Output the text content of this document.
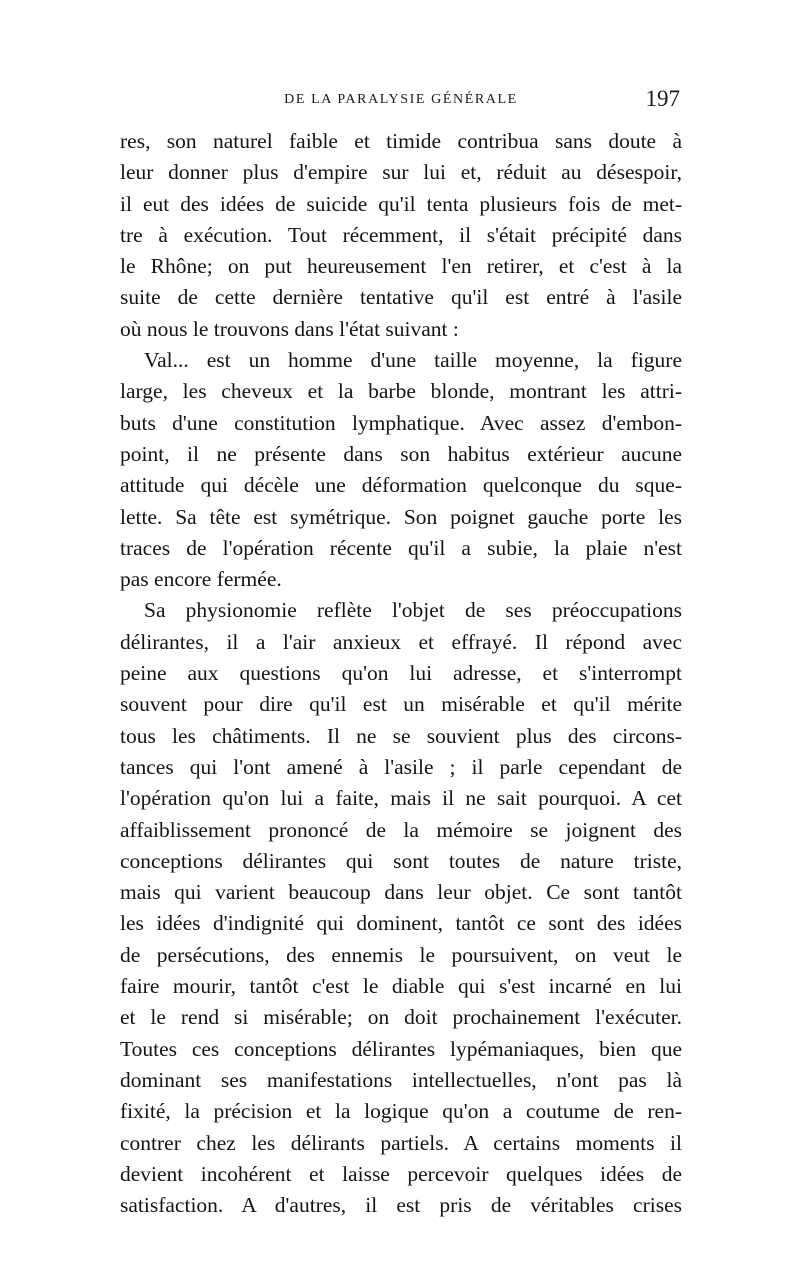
DE LA PARALYSIE GÉNÉRALE	197
res, son naturel faible et timide contribua sans doute à
leur donner plus d'empire sur lui et, réduit au désespoir,
il eut des idées de suicide qu'il tenta plusieurs fois de met-
tre à exécution. Tout récemment, il s'était précipité dans
le Rhône; on put heureusement l'en retirer, et c'est à la
suite de cette dernière tentative qu'il est entré à l'asile
où nous le trouvons dans l'état suivant :
Val... est un homme d'une taille moyenne, la figure
large, les cheveux et la barbe blonde, montrant les attri-
buts d'une constitution lymphatique. Avec assez d'embon-
point, il ne présente dans son habitus extérieur aucune
attitude qui décèle une déformation quelconque du sque-
lette. Sa tête est symétrique. Son poignet gauche porte les
traces de l'opération récente qu'il a subie, la plaie n'est
pas encore fermée.
Sa physionomie reflète l'objet de ses préoccupations
délirantes, il a l'air anxieux et effrayé. Il répond avec
peine aux questions qu'on lui adresse, et s'interrompt
souvent pour dire qu'il est un misérable et qu'il mérite
tous les châtiments. Il ne se souvient plus des circons-
tances qui l'ont amené à l'asile ; il parle cependant de
l'opération qu'on lui a faite, mais il ne sait pourquoi. A cet
affaiblissement prononcé de la mémoire se joignent des
conceptions délirantes qui sont toutes de nature triste,
mais qui varient beaucoup dans leur objet. Ce sont tantôt
les idées d'indignité qui dominent, tantôt ce sont des idées
de persécutions, des ennemis le poursuivent, on veut le
faire mourir, tantôt c'est le diable qui s'est incarné en lui
et le rend si misérable; on doit prochainement l'exécuter.
Toutes ces conceptions délirantes lypémaniaques, bien que
dominant ses manifestations intellectuelles, n'ont pas là
fixité, la précision et la logique qu'on a coutume de ren-
contrer chez les délirants partiels. A certains moments il
devient incohérent et laisse percevoir quelques idées de
satisfaction. A d'autres, il est pris de véritables crises
